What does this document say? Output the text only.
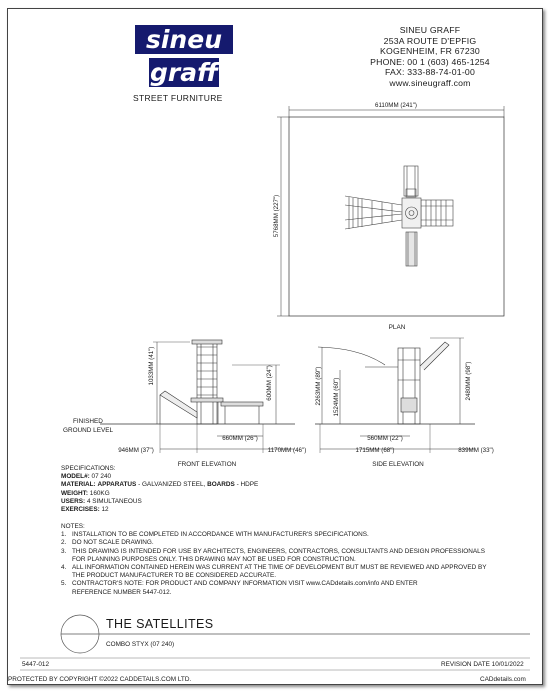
sineu
graff
STREET FURNITURE
SINEU GRAFF
253A ROUTE D'EPFIG
KOGENHEIM, FR 67230
PHONE: 00 1 (603) 465-1254
FAX: 333-88-74-01-00
www.sineugraff.com
6110MM (241")
5768MM (227")
PLAN
FINISHED
GROUND LEVEL
1033MM (41")	600MM (24")
660MM (26")
946MM (37")	1170MM (46")
FRONT ELEVATION
2263MM (89") 1524MM (60")	2480MM (98")
560MM (22")
1715MM (68")	839MM (33")
SIDE ELEVATION
SPECIFICATIONS:
MODEL#: 07 240
MATERIAL: APPARATUS - GALVANIZED STEEL, BOARDS - HDPE
WEIGHT: 160KG
USERS: 4 SIMULTANEOUS
EXERCISES: 12
NOTES:
1. INSTALLATION TO BE COMPLETED IN ACCORDANCE WITH MANUFACTURER'S SPECIFICATIONS.
2. DO NOT SCALE DRAWING.
3. THIS DRAWING IS INTENDED FOR USE BY ARCHITECTS, ENGINEERS, CONTRACTORS, CONSULTANTS AND DESIGN PROFESSIONALS
FOR PLANNING PURPOSES ONLY. THIS DRAWING MAY NOT BE USED FOR CONSTRUCTION.
4. ALL INFORMATION CONTAINED HEREIN WAS CURRENT AT THE TIME OF DEVELOPMENT BUT MUST BE REVIEWED AND APPROVED BY
THE PRODUCT MANUFACTURER TO BE CONSIDERED ACCURATE.
5. CONTRACTOR'S NOTE: FOR PRODUCT AND COMPANY INFORMATION VISIT www.CADdetails.com/info AND ENTER
REFERENCE NUMBER 5447-012.
THE SATELLITES
COMBO STYX (07 240)
5447-012	REVISION DATE 10/01/2022
PROTECTED BY COPYRIGHT ©2022 CADDETAILS.COM LTD.	CADdetails.com
